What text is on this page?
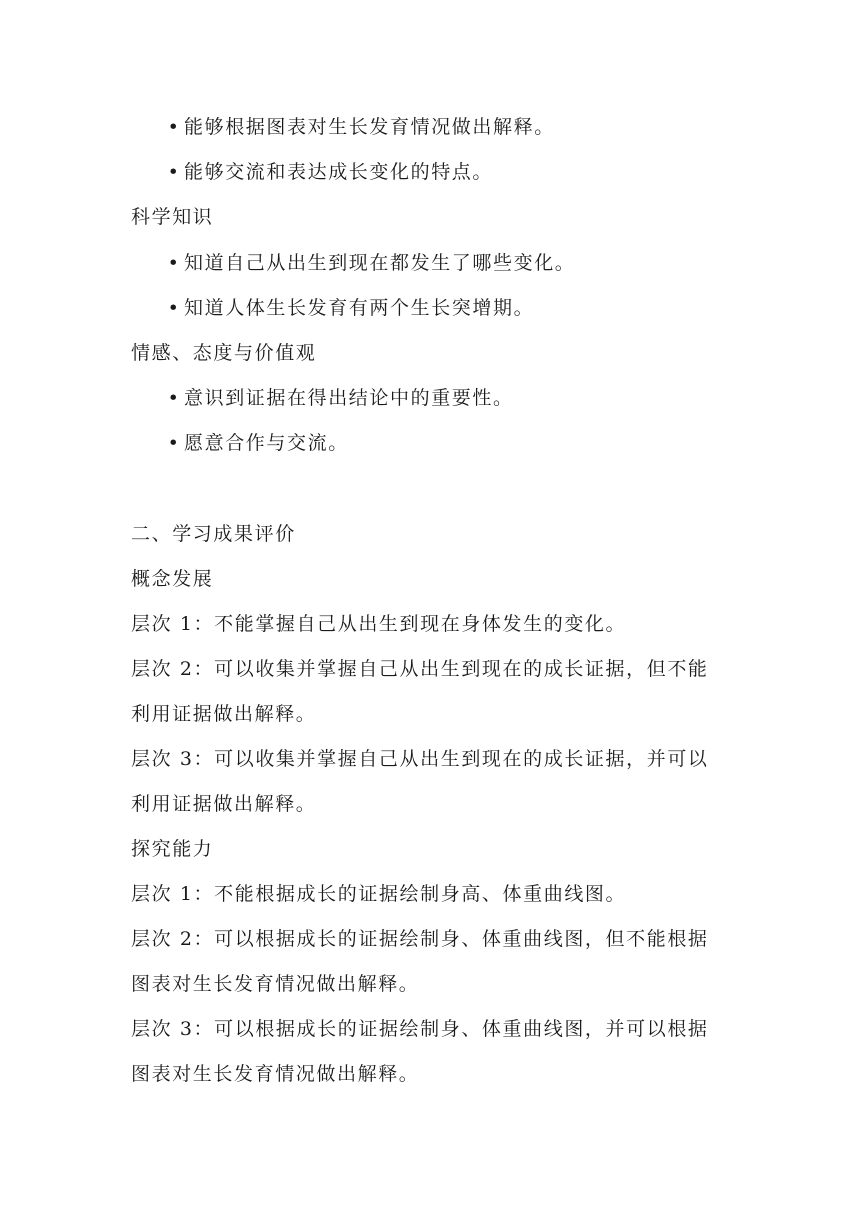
• 能够根据图表对生长发育情况做出解释。
• 能够交流和表达成长变化的特点。
科学知识
• 知道自己从出生到现在都发生了哪些变化。
• 知道人体生长发育有两个生长突增期。
情感、态度与价值观
• 意识到证据在得出结论中的重要性。
• 愿意合作与交流。
二、学习成果评价
概念发展
层次 1：不能掌握自己从出生到现在身体发生的变化。
层次 2：可以收集并掌握自己从出生到现在的成长证据，但不能
利用证据做出解释。
层次 3：可以收集并掌握自己从出生到现在的成长证据，并可以
利用证据做出解释。
探究能力
层次 1：不能根据成长的证据绘制身高、体重曲线图。
层次 2：可以根据成长的证据绘制身、体重曲线图，但不能根据
图表对生长发育情况做出解释。
层次 3：可以根据成长的证据绘制身、体重曲线图，并可以根据
图表对生长发育情况做出解释。
